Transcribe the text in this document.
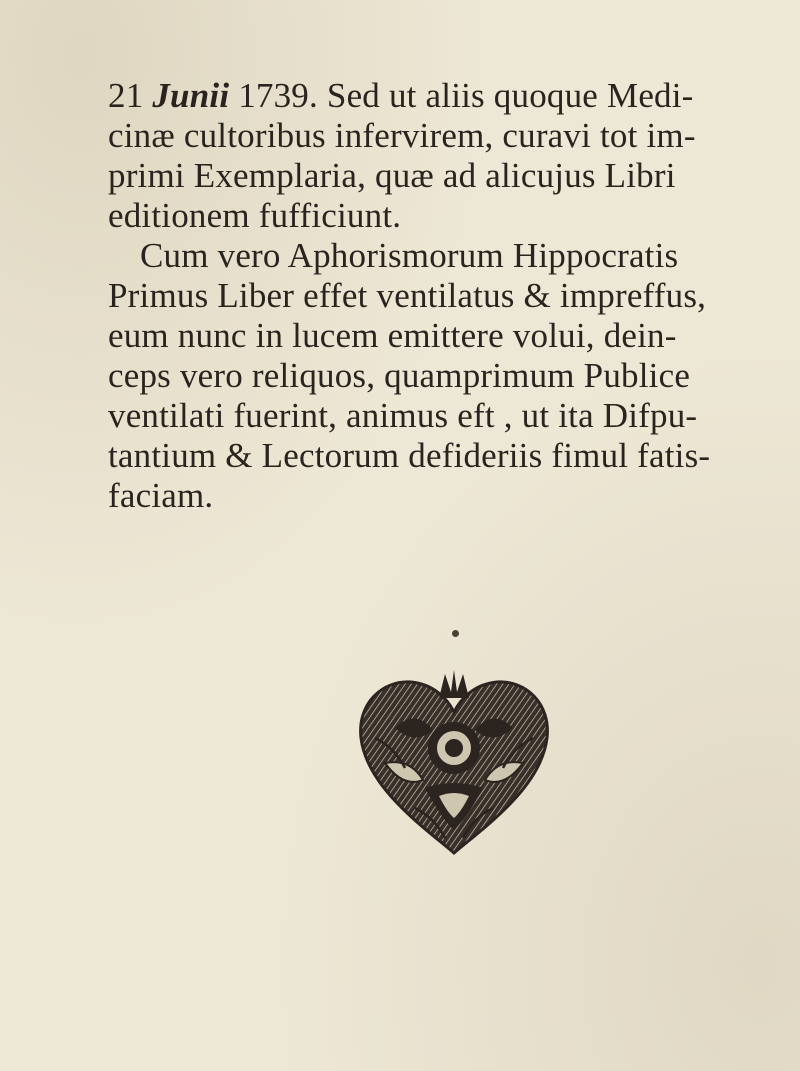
21 Junii 1739. Sed ut aliis quoque Medi-
cinæ cultoribus infervirem, curavi tot im-
primi Exemplaria, quæ ad alicujus Libri
editionem fufficiunt.
Cum vero Aphorismorum Hippocratis
Primus Liber effet ventilatus & impreffus,
eum nunc in lucem emittere volui, dein-
ceps vero reliquos, quamprimum Publice
ventilati fuerint, animus eft , ut ita Difpu-
tantium & Lectorum defideriis fimul fatis-
faciam.
